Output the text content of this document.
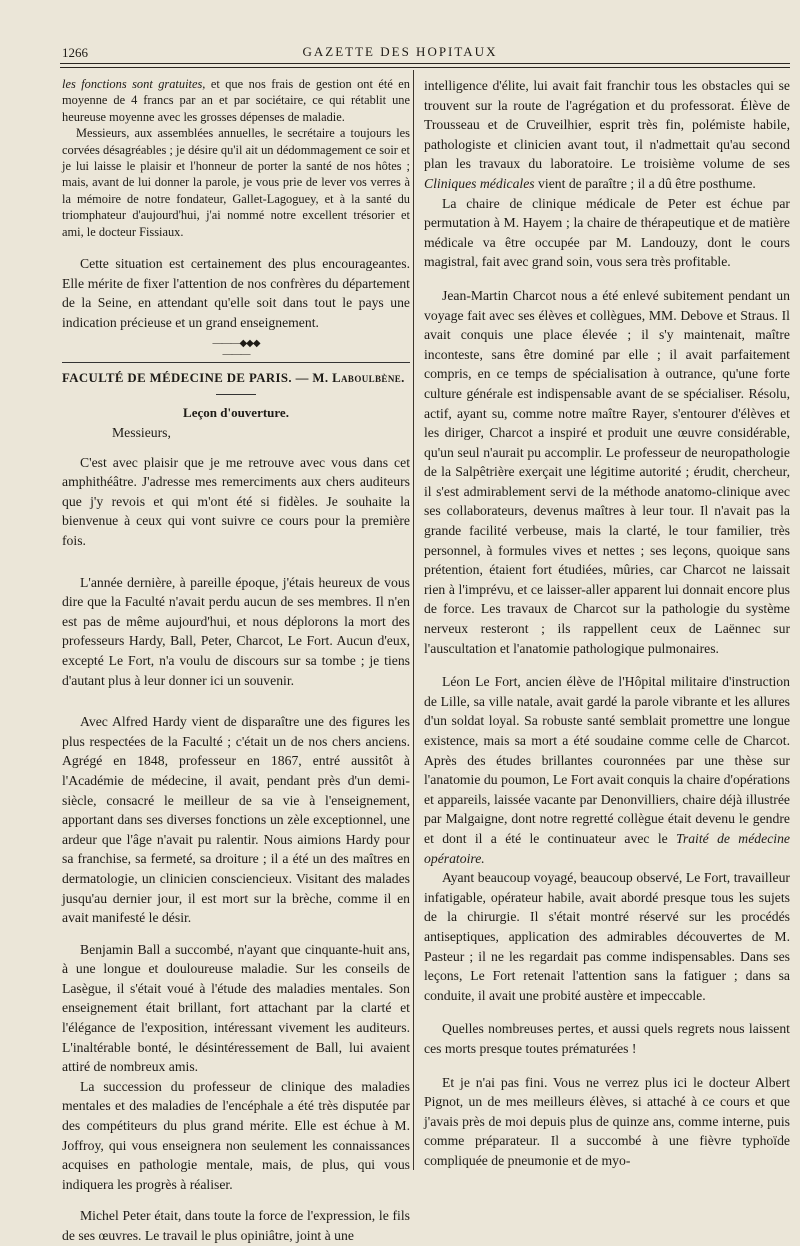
1266	GAZETTE DES HOPITAUX

les fonctions sont gratuites, et que nos frais de gestion ont été en moyenne de 4 francs par an et par sociétaire, ce qui rétablit une heureuse moyenne avec les grosses dépenses de maladie.

Messieurs, aux assemblées annuelles, le secrétaire a toujours les corvées désagréables ; je désire qu'il ait un dédommagement ce soir et je lui laisse le plaisir et l'honneur de porter la santé de nos hôtes ; mais, avant de lui donner la parole, je vous prie de lever vos verres à la mémoire de notre fondateur, Gallet-Lagoguey, et à la santé du triomphateur d'aujourd'hui, j'ai nommé notre excellent trésorier et ami, le docteur Fissiaux.

Cette situation est certainement des plus encourageantes. Elle mérite de fixer l'attention de nos confrères du département de la Seine, en attendant qu'elle soit dans tout le pays une indication précieuse et un grand enseignement.

———◆◆◆———

FACULTÉ DE MÉDECINE DE PARIS. — M. Laboulbène.

Leçon d'ouverture.

Messieurs,

C'est avec plaisir que je me retrouve avec vous dans cet amphithéâtre. J'adresse mes remerciments aux chers auditeurs que j'y revois et qui m'ont été si fidèles. Je souhaite la bienvenue à ceux qui vont suivre ce cours pour la première fois.

L'année dernière, à pareille époque, j'étais heureux de vous dire que la Faculté n'avait perdu aucun de ses membres. Il n'en est pas de même aujourd'hui, et nous déplorons la mort des professeurs Hardy, Ball, Peter, Charcot, Le Fort. Aucun d'eux, excepté Le Fort, n'a voulu de discours sur sa tombe ; je tiens d'autant plus à leur donner ici un souvenir.

Avec Alfred Hardy vient de disparaître une des figures les plus respectées de la Faculté ; c'était un de nos chers anciens. Agrégé en 1848, professeur en 1867, entré aussitôt à l'Académie de médecine, il avait, pendant près d'un demi-siècle, consacré le meilleur de sa vie à l'enseignement, apportant dans ses diverses fonctions un zèle exceptionnel, une ardeur que l'âge n'avait pu ralentir. Nous aimions Hardy pour sa franchise, sa fermeté, sa droiture ; il a été un des maîtres en dermatologie, un clinicien consciencieux. Visitant des malades jusqu'au dernier jour, il est mort sur la brèche, comme il en avait manifesté le désir.

Benjamin Ball a succombé, n'ayant que cinquante-huit ans, à une longue et douloureuse maladie. Sur les conseils de Lasègue, il s'était voué à l'étude des maladies mentales. Son enseignement était brillant, fort attachant par la clarté et l'élégance de l'exposition, intéressant vivement les auditeurs. L'inaltérable bonté, le désintéressement de Ball, lui avaient attiré de nombreux amis.

La succession du professeur de clinique des maladies mentales et des maladies de l'encéphale a été très disputée par des compétiteurs du plus grand mérite. Elle est échue à M. Joffroy, qui vous enseignera non seulement les connaissances acquises en pathologie mentale, mais, de plus, qui vous indiquera les progrès à réaliser.

Michel Peter était, dans toute la force de l'expression, le fils de ses œuvres. Le travail le plus opiniâtre, joint à une

intelligence d'élite, lui avait fait franchir tous les obstacles qui se trouvent sur la route de l'agrégation et du professorat. Élève de Trousseau et de Cruveilhier, esprit très fin, polémiste habile, pathologiste et clinicien avant tout, il n'admettait qu'au second plan les travaux du laboratoire. Le troisième volume de ses Cliniques médicales vient de paraître ; il a dû être posthume.

La chaire de clinique médicale de Peter est échue par permutation à M. Hayem ; la chaire de thérapeutique et de matière médicale va être occupée par M. Landouzy, dont le cours magistral, fait avec grand soin, vous sera très profitable.

Jean-Martin Charcot nous a été enlevé subitement pendant un voyage fait avec ses élèves et collègues, MM. Debove et Straus. Il avait conquis une place élevée ; il s'y maintenait, maître inconteste, sans être dominé par elle ; il avait parfaitement compris, en ce temps de spécialisation à outrance, qu'une forte culture générale est indispensable avant de se spécialiser. Résolu, actif, ayant su, comme notre maître Rayer, s'entourer d'élèves et les diriger, Charcot a inspiré et produit une œuvre considérable, qu'un seul n'aurait pu accomplir. Le professeur de neuropathologie de la Salpêtrière exerçait une légitime autorité ; érudit, chercheur, il s'est admirablement servi de la méthode anatomo-clinique avec ses collaborateurs, devenus maîtres à leur tour. Il n'avait pas la grande facilité verbeuse, mais la clarté, le tour familier, très personnel, à formules vives et nettes ; ses leçons, quoique sans prétention, étaient fort étudiées, mûries, car Charcot ne laissait rien à l'imprévu, et ce laisser-aller apparent lui donnait encore plus de force. Les travaux de Charcot sur la pathologie du système nerveux resteront ; ils rappellent ceux de Laënnec sur l'auscultation et l'anatomie pathologique pulmonaires.

Léon Le Fort, ancien élève de l'Hôpital militaire d'instruction de Lille, sa ville natale, avait gardé la parole vibrante et les allures d'un soldat loyal. Sa robuste santé semblait promettre une longue existence, mais sa mort a été soudaine comme celle de Charcot. Après des études brillantes couronnées par une thèse sur l'anatomie du poumon, Le Fort avait conquis la chaire d'opérations et appareils, laissée vacante par Denonvilliers, chaire déjà illustrée par Malgaigne, dont notre regretté collègue était devenu le gendre et dont il a été le continuateur avec le Traité de médecine opératoire.

Ayant beaucoup voyagé, beaucoup observé, Le Fort, travailleur infatigable, opérateur habile, avait abordé presque tous les sujets de la chirurgie. Il s'était montré réservé sur les procédés antiseptiques, application des admirables découvertes de M. Pasteur ; il ne les regardait pas comme indispensables. Dans ses leçons, Le Fort retenait l'attention sans la fatiguer ; dans sa conduite, il avait une probité austère et impeccable.

Quelles nombreuses pertes, et aussi quels regrets nous laissent ces morts presque toutes prématurées !

Et je n'ai pas fini. Vous ne verrez plus ici le docteur Albert Pignot, un de mes meilleurs élèves, si attaché à ce cours et que j'avais près de moi depuis plus de quinze ans, comme interne, puis comme préparateur. Il a succombé à une fièvre typhoïde compliquée de pneumonie et de myo-
